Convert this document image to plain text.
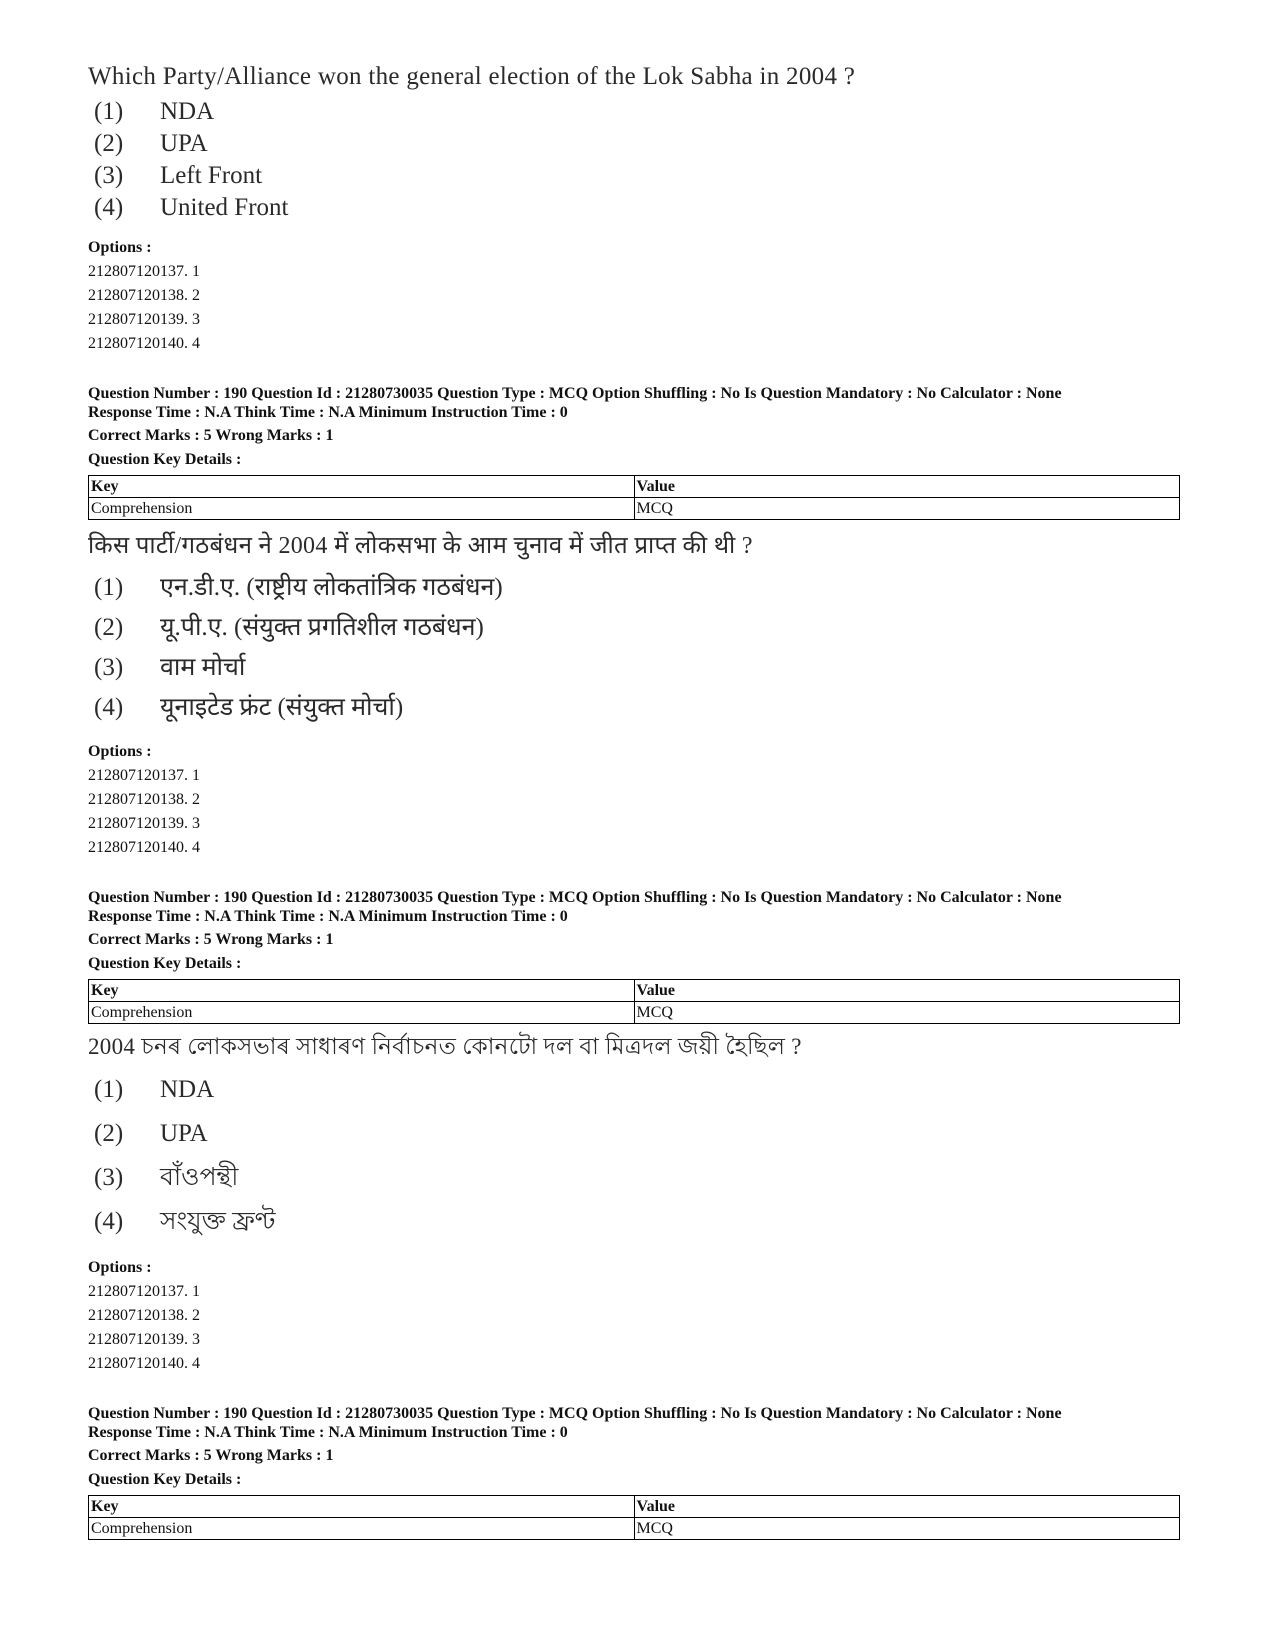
Which Party/Alliance won the general election of the Lok Sabha in 2004 ?
(1)	NDA
(2)	UPA
(3)	Left Front
(4)	United Front
Options :
212807120137. 1
212807120138. 2
212807120139. 3
212807120140. 4
Question Number : 190 Question Id : 21280730035 Question Type : MCQ Option Shuffling : No Is Question Mandatory : No Calculator : None
Response Time : N.A Think Time : N.A Minimum Instruction Time : 0
Correct Marks : 5 Wrong Marks : 1
Question Key Details :
Key	Value
Comprehension	MCQ
किस पार्टी/गठबंधन ने 2004 में लोकसभा के आम चुनाव में जीत प्राप्त की थी ?
(1)	एन.डी.ए. (राष्ट्रीय लोकतांत्रिक गठबंधन)
(2)	यू.पी.ए. (संयुक्त प्रगतिशील गठबंधन)
(3)	वाम मोर्चा
(4)	यूनाइटेड फ्रंट (संयुक्त मोर्चा)
Options :
212807120137. 1
212807120138. 2
212807120139. 3
212807120140. 4
Question Number : 190 Question Id : 21280730035 Question Type : MCQ Option Shuffling : No Is Question Mandatory : No Calculator : None
Response Time : N.A Think Time : N.A Minimum Instruction Time : 0
Correct Marks : 5 Wrong Marks : 1
Question Key Details :
Key	Value
Comprehension	MCQ
2004 চনৰ লোকসভাৰ সাধাৰণ নিৰ্বাচনত কোনটো দল বা মিত্ৰদল জয়ী হৈছিল ?
(1)	NDA
(2)	UPA
(3)	বাঁওপন্থী
(4)	সংযুক্ত ফ্ৰণ্ট
Options :
212807120137. 1
212807120138. 2
212807120139. 3
212807120140. 4
Question Number : 190 Question Id : 21280730035 Question Type : MCQ Option Shuffling : No Is Question Mandatory : No Calculator : None
Response Time : N.A Think Time : N.A Minimum Instruction Time : 0
Correct Marks : 5 Wrong Marks : 1
Question Key Details :
Key	Value
Comprehension	MCQ
